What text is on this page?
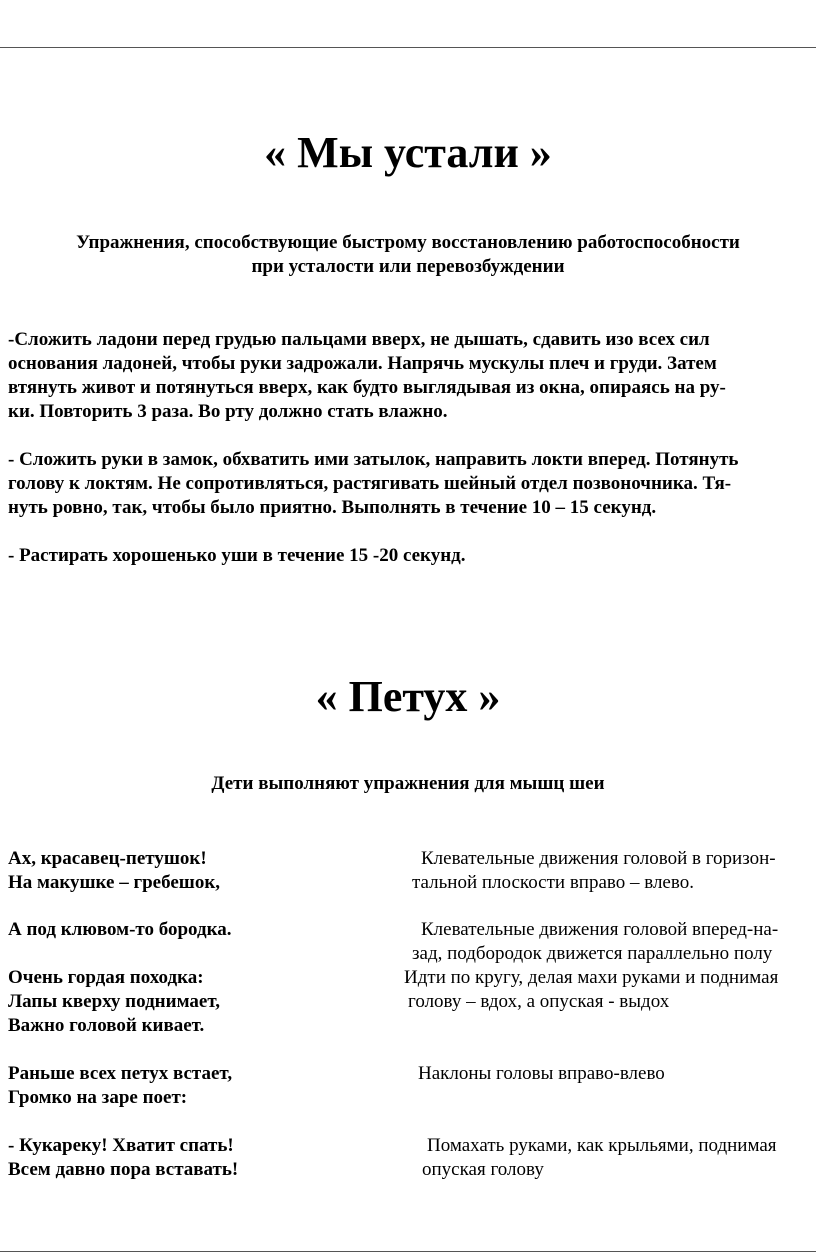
« Мы устали »
Упражнения, способствующие быстрому восстановлению работоспособности
при усталости или перевозбуждении
-Сложить ладони перед грудью пальцами вверх, не дышать, сдавить изо всех сил
основания ладоней, чтобы руки задрожали. Напрячь мускулы плеч и груди. Затем
втянуть живот и потянуться вверх, как будто выглядывая из окна, опираясь на ру-
ки. Повторить 3 раза. Во рту должно стать влажно.
- Сложить руки в замок, обхватить ими затылок, направить локти вперед. Потянуть
голову к локтям. Не сопротивляться, растягивать шейный отдел позвоночника. Тя-
нуть ровно, так, чтобы было приятно. Выполнять в течение 10 – 15 секунд.
- Растирать хорошенько уши в течение 15 -20 секунд.
« Петух »
Дети выполняют упражнения для мышц шеи
Ах, красавец-петушок!
На макушке – гребешок,
А под клювом-то бородка.
Очень гордая походка:
Лапы кверху поднимает,
Важно головой кивает.
Раньше всех петух встает,
Громко на заре поет:
- Кукареку! Хватит спать!
Всем давно пора вставать!
Клевательные движения головой в горизон-
тальной плоскости вправо – влево.
Клевательные движения головой вперед-на-
зад, подбородок движется параллельно полу
Идти по кругу, делая махи руками и поднимая
голову – вдох, а опуская - выдох
Наклоны головы вправо-влево
Помахать руками, как крыльями, поднимая
опуская голову
